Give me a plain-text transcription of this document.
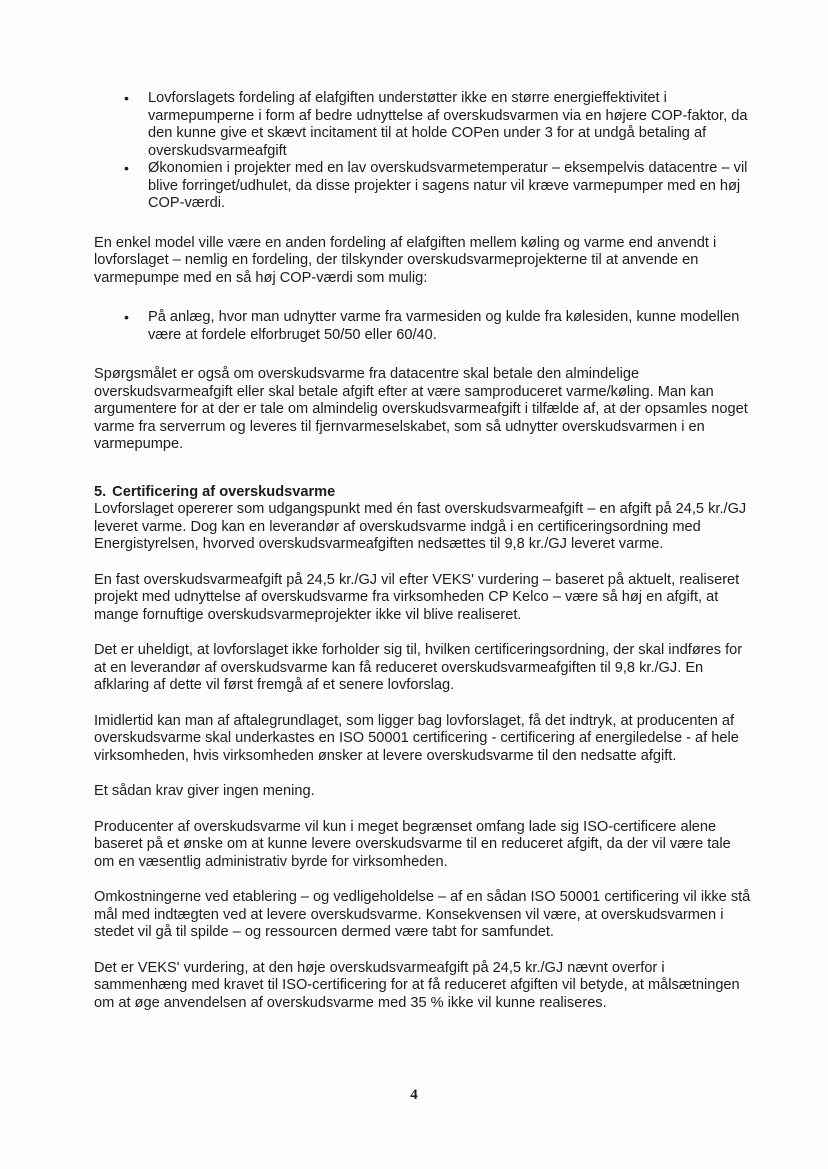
• Lovforslagets fordeling af elafgiften understøtter ikke en større energieffektivitet i varmepumperne i form af bedre udnyttelse af overskudsvarmen via en højere COP-faktor, da den kunne give et skævt incitament til at holde COPen under 3 for at undgå betaling af overskudsvarmeafgift
• Økonomien i projekter med en lav overskudsvarmetemperatur – eksempelvis datacentre – vil blive forringet/udhulet, da disse projekter i sagens natur vil kræve varmepumper med en høj COP-værdi.

En enkel model ville være en anden fordeling af elafgiften mellem køling og varme end anvendt i lovforslaget – nemlig en fordeling, der tilskynder overskudsvarmeprojekterne til at anvende en varmepumpe med en så høj COP-værdi som mulig:

• På anlæg, hvor man udnytter varme fra varmesiden og kulde fra kølesiden, kunne modellen være at fordele elforbruget 50/50 eller 60/40.

Spørgsmålet er også om overskudsvarme fra datacentre skal betale den almindelige overskudsvarmeafgift eller skal betale afgift efter at være samproduceret varme/køling. Man kan argumentere for at der er tale om almindelig overskudsvarmeafgift i tilfælde af, at der opsamles noget varme fra serverrum og leveres til fjernvarmeselskabet, som så udnytter overskudsvarmen i en varmepumpe.

5. Certificering af overskudsvarme

Lovforslaget opererer som udgangspunkt med én fast overskudsvarmeafgift – en afgift på 24,5 kr./GJ leveret varme. Dog kan en leverandør af overskudsvarme indgå i en certificeringsordning med Energistyrelsen, hvorved overskudsvarmeafgiften nedsættes til 9,8 kr./GJ leveret varme.

En fast overskudsvarmeafgift på 24,5 kr./GJ vil efter VEKS' vurdering – baseret på aktuelt, realiseret projekt med udnyttelse af overskudsvarme fra virksomheden CP Kelco – være så høj en afgift, at mange fornuftige overskudsvarmeprojekter ikke vil blive realiseret.

Det er uheldigt, at lovforslaget ikke forholder sig til, hvilken certificeringsordning, der skal indføres for at en leverandør af overskudsvarme kan få reduceret overskudsvarmeafgiften til 9,8 kr./GJ. En afklaring af dette vil først fremgå af et senere lovforslag.

Imidlertid kan man af aftalegrundlaget, som ligger bag lovforslaget, få det indtryk, at producenten af overskudsvarme skal underkastes en ISO 50001 certificering - certificering af energiledelse - af hele virksomheden, hvis virksomheden ønsker at levere overskudsvarme til den nedsatte afgift.

Et sådan krav giver ingen mening.

Producenter af overskudsvarme vil kun i meget begrænset omfang lade sig ISO-certificere alene baseret på et ønske om at kunne levere overskudsvarme til en reduceret afgift, da der vil være tale om en væsentlig administrativ byrde for virksomheden.

Omkostningerne ved etablering – og vedligeholdelse – af en sådan ISO 50001 certificering vil ikke stå mål med indtægten ved at levere overskudsvarme. Konsekvensen vil være, at overskudsvarmen i stedet vil gå til spilde – og ressourcen dermed være tabt for samfundet.

Det er VEKS' vurdering, at den høje overskudsvarmeafgift på 24,5 kr./GJ nævnt overfor i sammenhæng med kravet til ISO-certificering for at få reduceret afgiften vil betyde, at målsætningen om at øge anvendelsen af overskudsvarme med 35 % ikke vil kunne realiseres.

4
